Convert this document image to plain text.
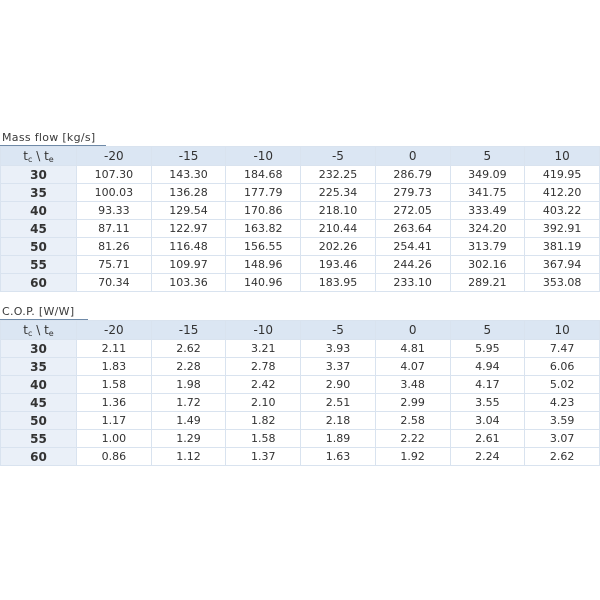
Mass flow [kg/s]
$t_c$ \ $t_e$	-20	-15	-10	-5	0	5	10
30	107.30	143.30	184.68	232.25	286.79	349.09	419.95
35	100.03	136.28	177.79	225.34	279.73	341.75	412.20
40	93.33	129.54	170.86	218.10	272.05	333.49	403.22
45	87.11	122.97	163.82	210.44	263.64	324.20	392.91
50	81.26	116.48	156.55	202.26	254.41	313.79	381.19
55	75.71	109.97	148.96	193.46	244.26	302.16	367.94
60	70.34	103.36	140.96	183.95	233.10	289.21	353.08
C.O.P. [W/W]
$t_c$ \ $t_e$	-20	-15	-10	-5	0	5	10
30	2.11	2.62	3.21	3.93	4.81	5.95	7.47
35	1.83	2.28	2.78	3.37	4.07	4.94	6.06
40	1.58	1.98	2.42	2.90	3.48	4.17	5.02
45	1.36	1.72	2.10	2.51	2.99	3.55	4.23
50	1.17	1.49	1.82	2.18	2.58	3.04	3.59
55	1.00	1.29	1.58	1.89	2.22	2.61	3.07
60	0.86	1.12	1.37	1.63	1.92	2.24	2.62
